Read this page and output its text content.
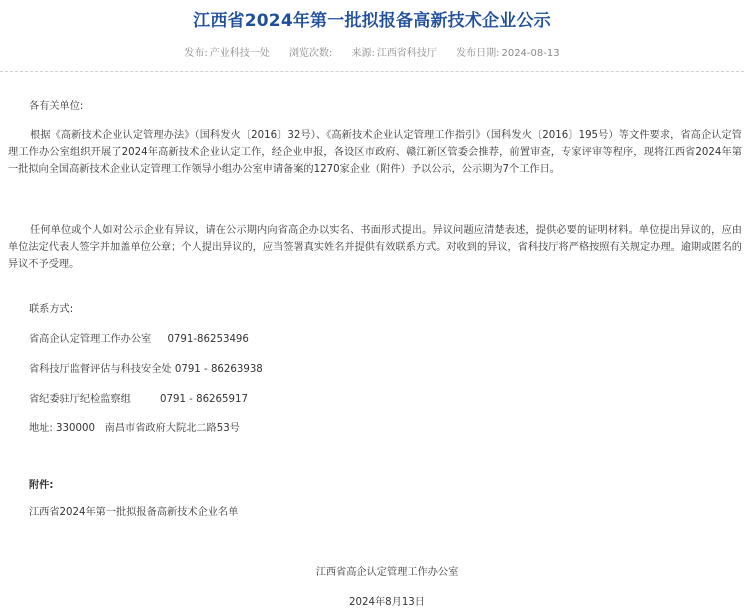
江西省2024年第一批拟报备高新技术企业公示
发布: 产业科技一处 浏览次数: 来源: 江西省科技厅 发布日期: 2024-08-13

各有关单位:

根据《高新技术企业认定管理办法》（国科发火〔2016〕32号）、《高新技术企业认定管理工作指引》（国科发火〔2016〕195号）等文件要求，省高企认定管理工作办公室组织开展了2024年高新技术企业认定工作，经企业申报，各设区市政府、赣江新区管委会推荐，前置审查，专家评审等程序，现将江西省2024年第一批拟向全国高新技术企业认定管理工作领导小组办公室申请备案的1270家企业（附件）予以公示，公示期为7个工作日。

任何单位或个人如对公示企业有异议，请在公示期内向省高企办以实名、书面形式提出。异议问题应清楚表述，提供必要的证明材料。单位提出异议的，应由单位法定代表人签字并加盖单位公章；个人提出异议的，应当签署真实姓名并提供有效联系方式。对收到的异议，省科技厅将严格按照有关规定办理。逾期或匿名的异议不予受理。

联系方式:

省高企认定管理工作办公室     0791-86253496

省科技厅监督评估与科技安全处 0791 - 86263938

省纪委驻厅纪检监察组         0791 - 86265917

地址: 330000   南昌市省政府大院北二路53号

附件:

江西省2024年第一批拟报备高新技术企业名单

江西省高企认定管理工作办公室

2024年8月13日
